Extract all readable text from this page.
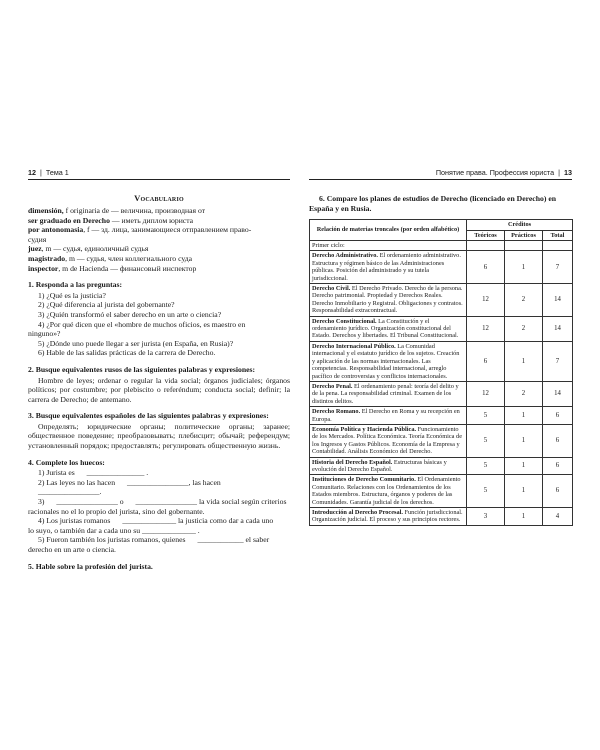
12 | Тема 1
Vocabulario
dimensión, f originaria de — величина, производная от
ser graduado en Derecho — иметь диплом юриста
por antonomasia, f — зд. лица, занимающиеся отправлением право-
судия
juez, m — судья, единоличный судья
magistrado, m — судья, член коллегиального суда
inspector, m de Hacienda — финансовый инспектор
1. Responda a las preguntas:
1) ¿Qué es la justicia?
2) ¿Qué diferencia al jurista del gobernante?
3) ¿Quién transformó el saber derecho en un arte o ciencia?
4) ¿Por qué dicen que el «hombre de muchos oficios, es maestro en
ninguno»?
5) ¿Dónde uno puede llegar a ser jurista (en España, en Rusia)?
6) Hable de las salidas prácticas de la carrera de Derecho.
2. Busque equivalentes rusos de las siguientes palabras y expresiones:
Hombre de leyes; ordenar o regular la vida social; órganos judiciales; órganos políticos; por costumbre; por plebiscito o referéndum; conducta social; definir; la carrera de Derecho; de antemano.
3. Busque equivalentes españoles de las siguientes palabras y expresiones:
Определять; юридические органы; политические органы; заранее; общественное поведение; преобразовывать; плебисцит; обычай; референдум; установленный порядок; предоставлять; регулировать общественную жизнь.
4. Complete los huecos:
1) Jurista es _______________ .
2) Las leyes no las hacen ________________, las hacen ________________.
3) ________________ o ________________ la vida social según criterios
racionales no el lo propio del jurista, sino del gobernante.
4) Los juristas romanos ______________ la justicia como dar a cada uno
lo suyo, o también dar a cada uno su ______________ .
5) Fueron también los juristas romanos, quienes ____________ el saber
derecho en un arte o ciencia.
5. Hable sobre la profesión del jurista.
Понятие права. Профессия юриста | 13
6. Compare los planes de estudios de Derecho (licenciado en Derecho) en España y en Rusia.
Relación de materias troncales (por orden alfabético)	Créditos		
	Teóricos	Prácticos	Total
Primer ciclo:			
Derecho Administrativo. El ordenamiento administrativo. Estructura y régimen básico de las Administraciones públicas. Posición del administrado y su tutela jurisdiccional.	6	1	7
Derecho Civil. El Derecho Privado. Derecho de la persona. Derecho patrimonial. Propiedad y Derechos Reales. Derecho Inmobiliario y Registral. Obligaciones y contratos. Responsabilidad extracontractual.	12	2	14
Derecho Constitucional. La Constitución y el ordenamiento jurídico. Organización constitucional del Estado. Derechos y libertades. El Tribunal Constitucional.	12	2	14
Derecho Internacional Público. La Comunidad internacional y el estatuto jurídico de los sujetos. Creación y aplicación de las normas internacionales. Las competencias. Responsabilidad internacional, arreglo pacífico de controversias y conflictos internacionales.	6	1	7
Derecho Penal. El ordenamiento penal: teoría del delito y de la pena. La responsabilidad criminal. Examen de los distintos delitos.	12	2	14
Derecho Romano. El Derecho en Roma y su recepción en Europa.	5	1	6
Economía Política y Hacienda Pública. Funcionamiento de los Mercados. Política Económica. Teoría Económica de los Ingresos y Gastos Públicos. Economía de la Empresa y Contabilidad. Análisis Económico del Derecho.	5	1	6
Historia del Derecho Español. Estructuras básicas y evolución del Derecho Español.	5	1	6
Instituciones de Derecho Comunitario. El Ordenamiento Comunitario. Relaciones con los Ordenamientos de los Estados miembros. Estructura, órganos y poderes de las Comunidades. Garantía judicial de los derechos.	5	1	6
Introducción al Derecho Procesal. Función jurisdiccional. Organización judicial. El proceso y sus principios rectores.	3	1	4
